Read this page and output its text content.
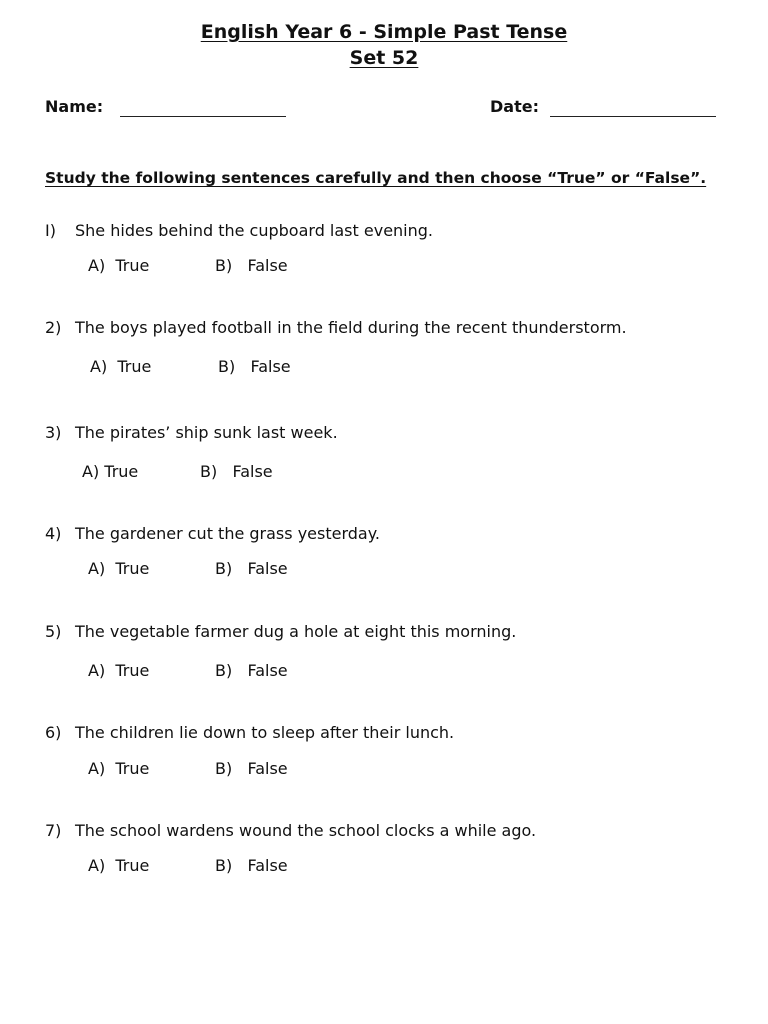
English Year 6 - Simple Past Tense
Set 52
Name:	Date:
Study the following sentences carefully and then choose “True” or “False”.
I) She hides behind the cupboard last evening.
A)  True	B)   False
2) The boys played football in the field during the recent thunderstorm.
A)  True	B)   False
3) The pirates’ ship sunk last week.
A) True	B)   False
4) The gardener cut the grass yesterday.
A)  True	B)   False
5) The vegetable farmer dug a hole at eight this morning.
A)  True	B)   False
6) The children lie down to sleep after their lunch.
A)  True	B)   False
7) The school wardens wound the school clocks a while ago.
A)  True	B)   False
